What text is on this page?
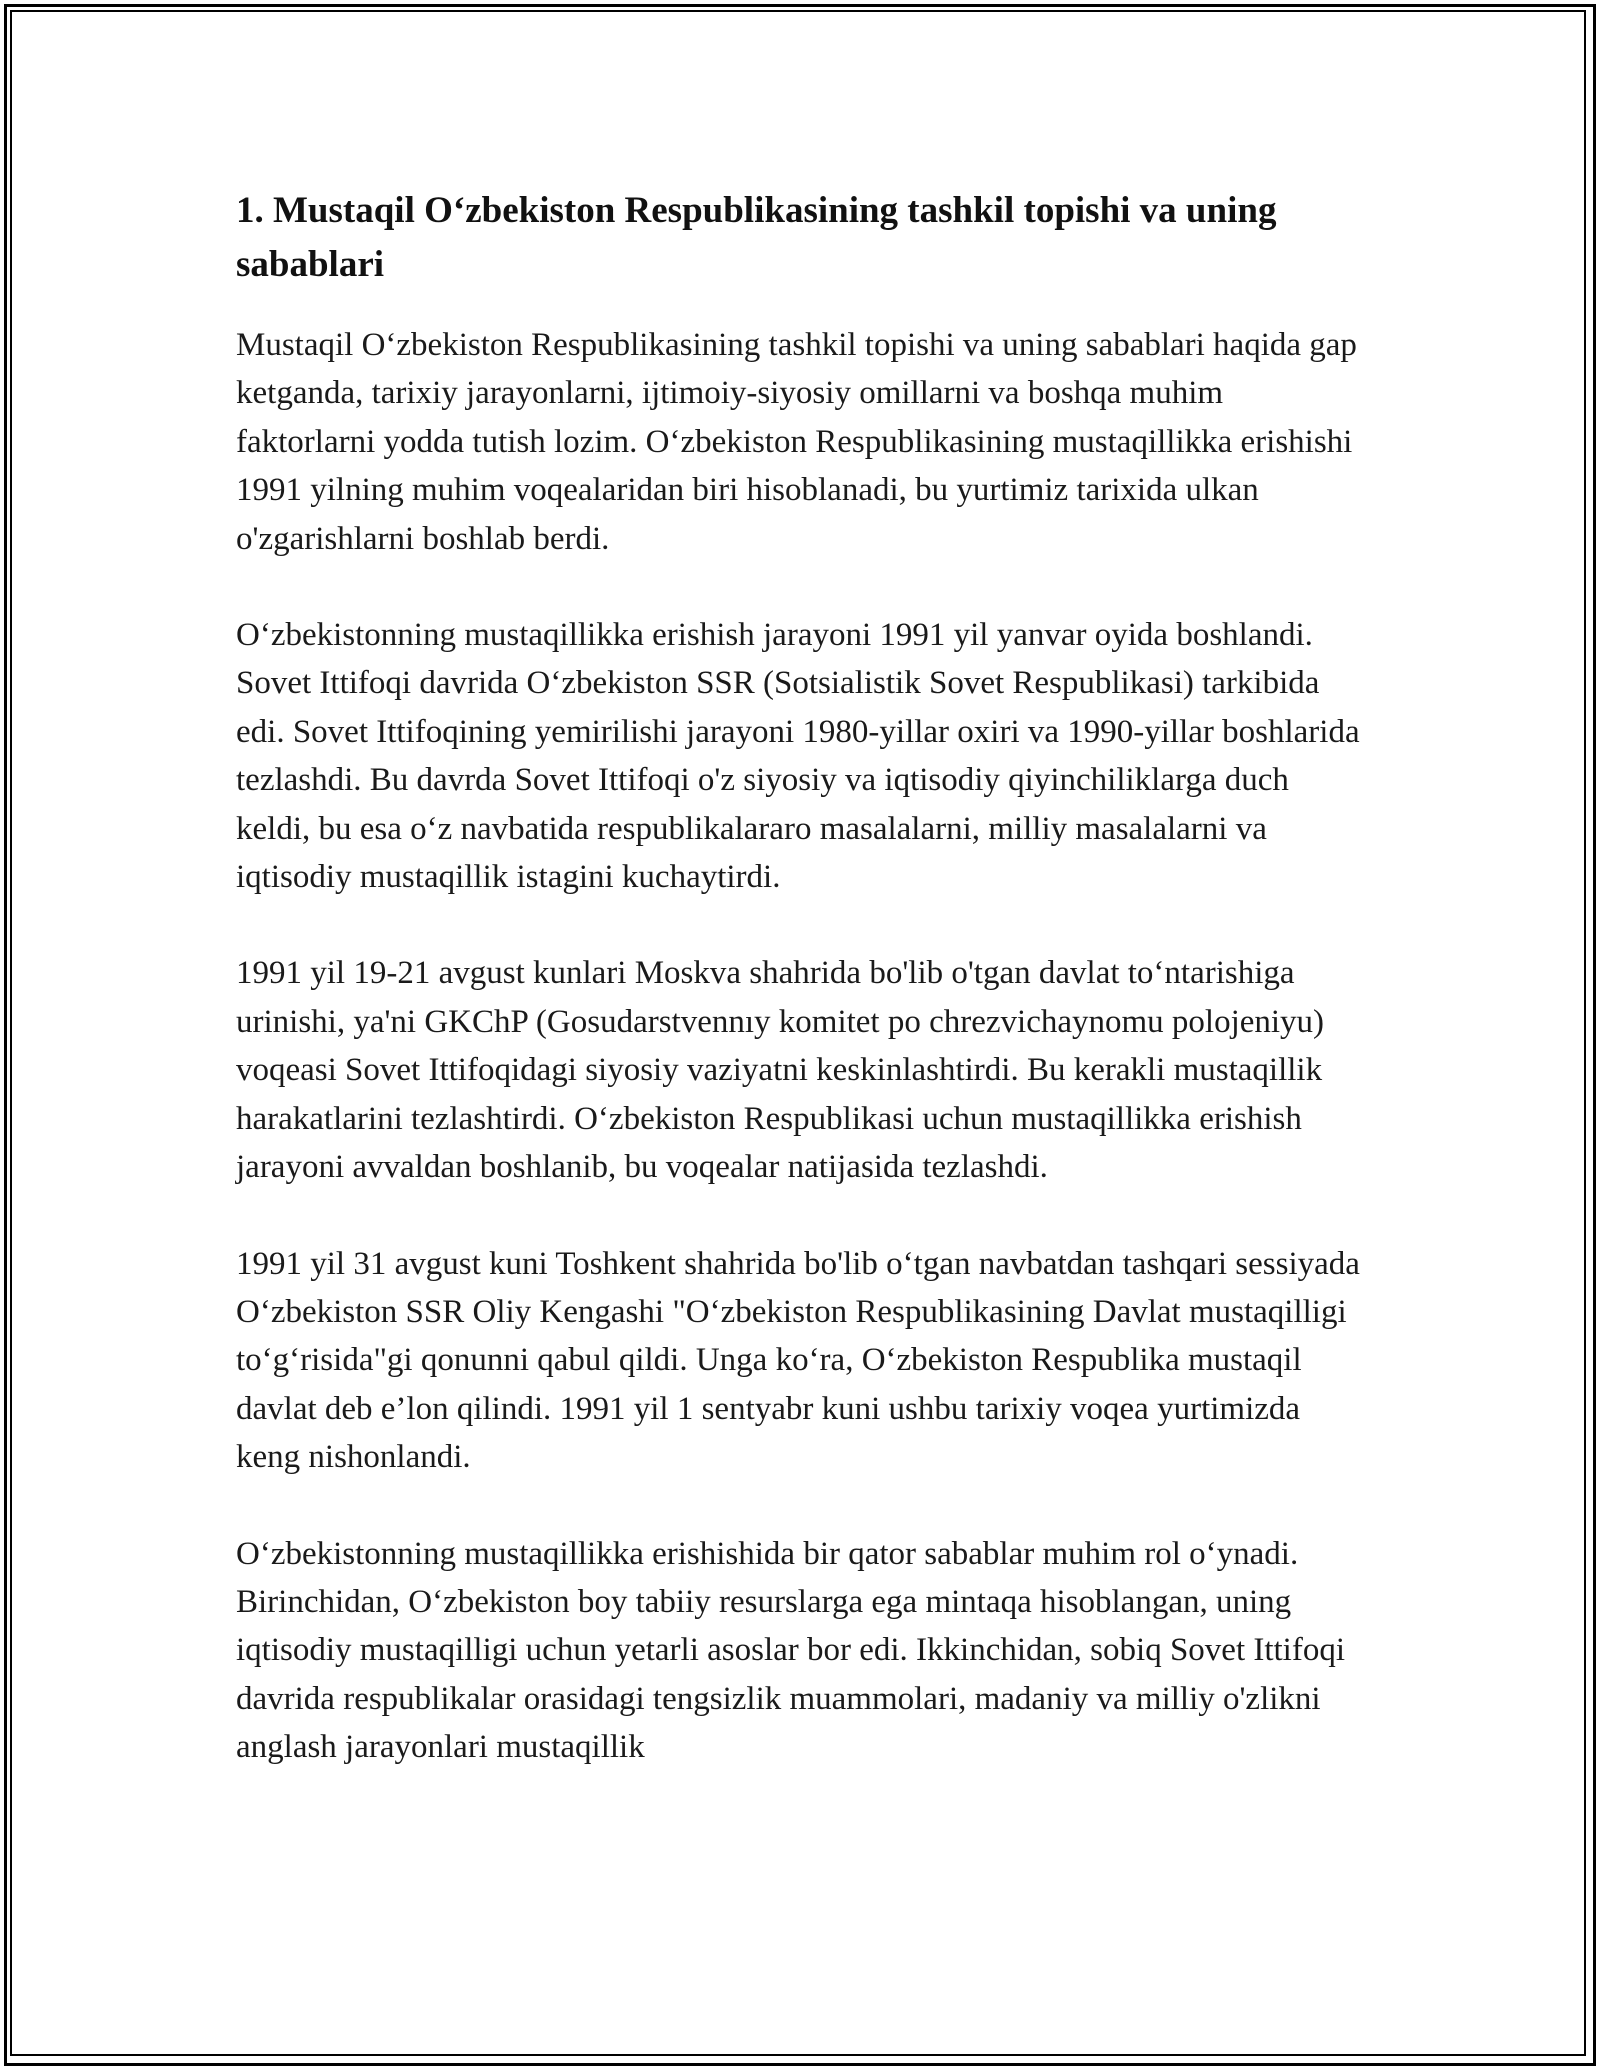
1. Mustaqil O‘zbekiston Respublikasining tashkil topishi va uning sabablari

Mustaqil O‘zbekiston Respublikasining tashkil topishi va uning sabablari haqida gap ketganda, tarixiy jarayonlarni, ijtimoiy-siyosiy omillarni va boshqa muhim faktorlarni yodda tutish lozim. O‘zbekiston Respublikasining mustaqillikka erishishi 1991 yilning muhim voqealaridan biri hisoblanadi, bu yurtimiz tarixida ulkan o'zgarishlarni boshlab berdi.

O‘zbekistonning mustaqillikka erishish jarayoni 1991 yil yanvar oyida boshlandi. Sovet Ittifoqi davrida O‘zbekiston SSR (Sotsialistik Sovet Respublikasi) tarkibida edi. Sovet Ittifoqining yemirilishi jarayoni 1980-yillar oxiri va 1990-yillar boshlarida tezlashdi. Bu davrda Sovet Ittifoqi o'z siyosiy va iqtisodiy qiyinchiliklarga duch keldi, bu esa o‘z navbatida respublikalararo masalalarni, milliy masalalarni va iqtisodiy mustaqillik istagini kuchaytirdi.

1991 yil 19-21 avgust kunlari Moskva shahrida bo'lib o'tgan davlat to‘ntarishiga urinishi, ya'ni GKChP (Gosudarstvennıy komitet po chrezvichaynomu polojeniyu) voqeasi Sovet Ittifoqidagi siyosiy vaziyatni keskinlashtirdi. Bu kerakli mustaqillik harakatlarini tezlashtirdi. O‘zbekiston Respublikasi uchun mustaqillikka erishish jarayoni avvaldan boshlanib, bu voqealar natijasida tezlashdi.

1991 yil 31 avgust kuni Toshkent shahrida bo'lib o‘tgan navbatdan tashqari sessiyada O‘zbekiston SSR Oliy Kengashi "O‘zbekiston Respublikasining Davlat mustaqilligi to‘g‘risida"gi qonunni qabul qildi. Unga ko‘ra, O‘zbekiston Respublika mustaqil davlat deb e’lon qilindi. 1991 yil 1 sentyabr kuni ushbu tarixiy voqea yurtimizda keng nishonlandi.

O‘zbekistonning mustaqillikka erishishida bir qator sabablar muhim rol o‘ynadi. Birinchidan, O‘zbekiston boy tabiiy resurslarga ega mintaqa hisoblangan, uning iqtisodiy mustaqilligi uchun yetarli asoslar bor edi. Ikkinchidan, sobiq Sovet Ittifoqi davrida respublikalar orasidagi tengsizlik muammolari, madaniy va milliy o'zlikni anglash jarayonlari mustaqillik
